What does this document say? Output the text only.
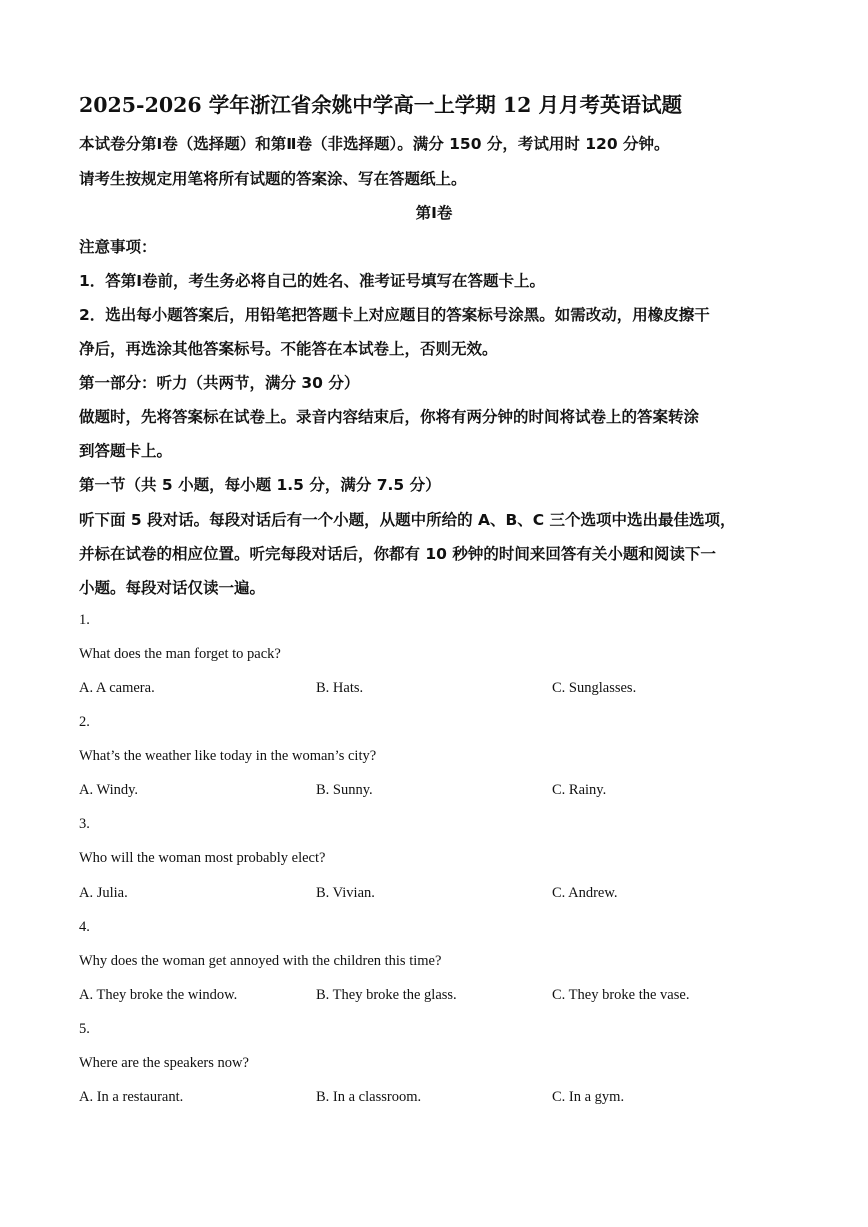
2025-2026 学年浙江省余姚中学高一上学期 12 月月考英语试题
本试卷分第Ⅰ卷（选择题）和第Ⅱ卷（非选择题）。满分 150 分，考试用时 120 分钟。
请考生按规定用笔将所有试题的答案涂、写在答题纸上。
第Ⅰ卷
注意事项：
1．答第Ⅰ卷前，考生务必将自己的姓名、准考证号填写在答题卡上。
2．选出每小题答案后，用铅笔把答题卡上对应题目的答案标号涂黑。如需改动，用橡皮擦干
净后，再选涂其他答案标号。不能答在本试卷上，否则无效。
第一部分：听力（共两节，满分 30 分）
做题时，先将答案标在试卷上。录音内容结束后，你将有两分钟的时间将试卷上的答案转涂
到答题卡上。
第一节（共 5 小题，每小题 1.5 分，满分 7.5 分）
听下面 5 段对话。每段对话后有一个小题，从题中所给的 A、B、C 三个选项中选出最佳选项，
并标在试卷的相应位置。听完每段对话后，你都有 10 秒钟的时间来回答有关小题和阅读下一
小题。每段对话仅读一遍。
1.
What does the man forget to pack?
A. A camera.	B. Hats.	C. Sunglasses.
2.
What’s the weather like today in the woman’s city?
A. Windy.	B. Sunny.	C. Rainy.
3.
Who will the woman most probably elect?
A. Julia.	B. Vivian.	C. Andrew.
4.
Why does the woman get annoyed with the children this time?
A. They broke the window.	B. They broke the glass.	C. They broke the vase.
5.
Where are the speakers now?
A. In a restaurant.	B. In a classroom.	C. In a gym.
